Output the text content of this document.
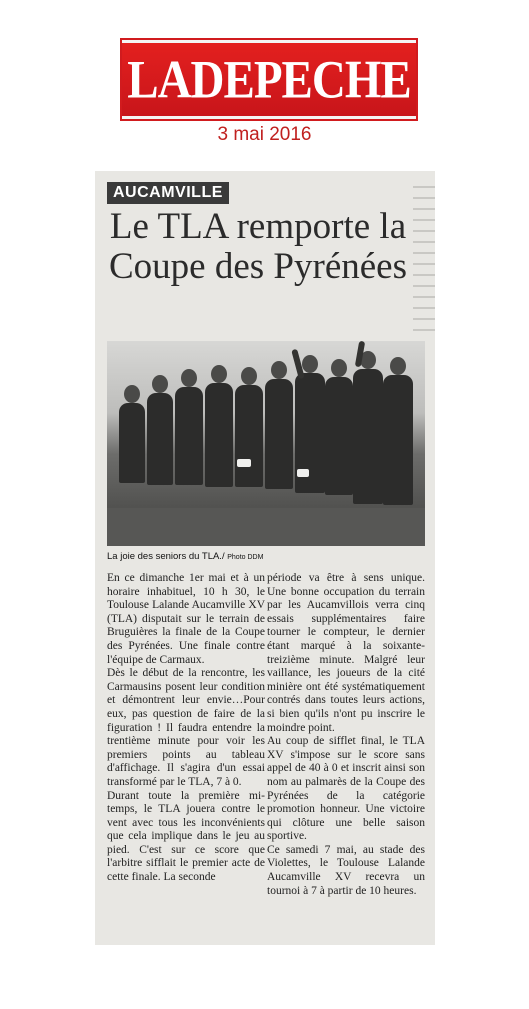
LADEPECHE
3 mai 2016
AUCAMVILLE
Le TLA remporte la Coupe des Pyrénées
La joie des seniors du TLA./ Photo DDM

En ce dimanche 1er mai et à un horaire inhabituel, 10 h 30, le Toulouse Lalande Aucamville XV (TLA) disputait sur le terrain de Bruguières la finale de la Coupe des Pyrénées. Une finale contre l'équipe de Carmaux.

Dès le début de la rencontre, les Carmausins posent leur condition et démontrent leur envie…Pour eux, pas question de faire de la figuration ! Il faudra entendre la trentième minute pour voir les premiers points au tableau d'affichage. Il s'agira d'un essai transformé par le TLA, 7 à 0.

Durant toute la première mi-temps, le TLA jouera contre le vent avec tous les inconvénients que cela implique dans le jeu au pied. C'est sur ce score que l'arbitre sifflait le premier acte de cette finale. La seconde

période va être à sens unique. Une bonne occupation du terrain par les Aucamvillois verra cinq essais supplémentaires faire tourner le compteur, le dernier étant marqué à la soixante-treizième minute. Malgré leur vaillance, les joueurs de la cité minière ont été systématiquement contrés dans toutes leurs actions, si bien qu'ils n'ont pu inscrire le moindre point.

Au coup de sifflet final, le TLA XV s'impose sur le score sans appel de 40 à 0 et inscrit ainsi son nom au palmarès de la Coupe des Pyrénées de la catégorie promotion honneur. Une victoire qui clôture une belle saison sportive.

Ce samedi 7 mai, au stade des Violettes, le Toulouse Lalande Aucamville XV recevra un tournoi à 7 à partir de 10 heures.
